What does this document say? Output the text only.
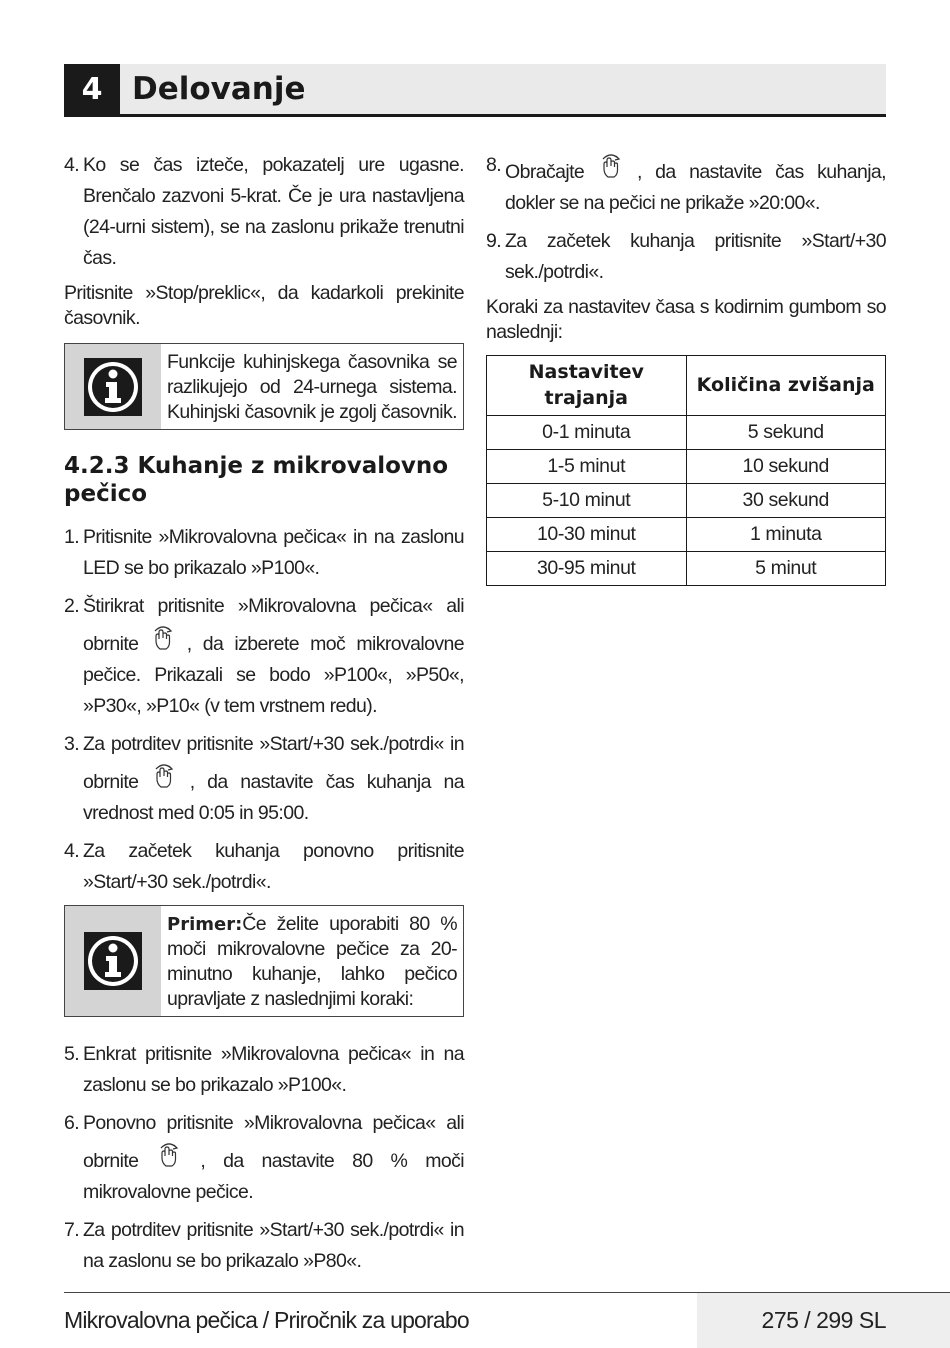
4 Delovanje
4. Ko se čas izteče, pokazatelj ure ugasne. Brenčalo zazvoni 5-krat. Če je ura nastavljena (24-urni sistem), se na zaslonu prikaže trenutni čas.
Pritisnite »Stop/preklic«, da kadarkoli prekinite časovnik.
Funkcije kuhinjskega časovnika se razlikujejo od 24-urnega sistema. Kuhinjski časovnik je zgolj časovnik.
4.2.3 Kuhanje z mikrovalovno pečico
1. Pritisnite »Mikrovalovna pečica« in na zaslonu LED se bo prikazalo »P100«.
2. Štirikrat pritisnite »Mikrovalovna pečica« ali obrnite , da izberete moč mikrovalovne pečice. Prikazali se bodo »P100«, »P50«, »P30«, »P10« (v tem vrstnem redu).
3. Za potrditev pritisnite »Start/+30 sek./potrdi« in obrnite	, da nastavite čas kuhanja na vrednost med 0:05 in 95:00.
4. Za začetek kuhanja ponovno pritisnite »Start/+30 sek./potrdi«.
Primer:Če želite uporabiti 80 % moči mikrovalovne pečice za 20-minutno kuhanje, lahko pečico upravljate z naslednjimi koraki:
5. Enkrat pritisnite »Mikrovalovna pečica« in na zaslonu se bo prikazalo »P100«.
6. Ponovno pritisnite »Mikrovalovna pečica« ali obrnite	, da nastavite 80 % moči mikrovalovne pečice.
7. Za potrditev pritisnite »Start/+30 sek./potrdi« in na zaslonu se bo prikazalo »P80«.
8. Obračajte	, da nastavite čas kuhanja, dokler se na pečici ne prikaže »20:00«.
9. Za začetek kuhanja pritisnite »Start/+30 sek./potrdi«.
Koraki za nastavitev časa s kodirnim gumbom so naslednji:
Nastavitev trajanja	Količina zvišanja
0-1 minuta	5 sekund
1-5 minut	10 sekund
5-10 minut	30 sekund
10-30 minut	1 minuta
30-95 minut	5 minut
Mikrovalovna pečica / Priročnik za uporabo	275 / 299 SL
